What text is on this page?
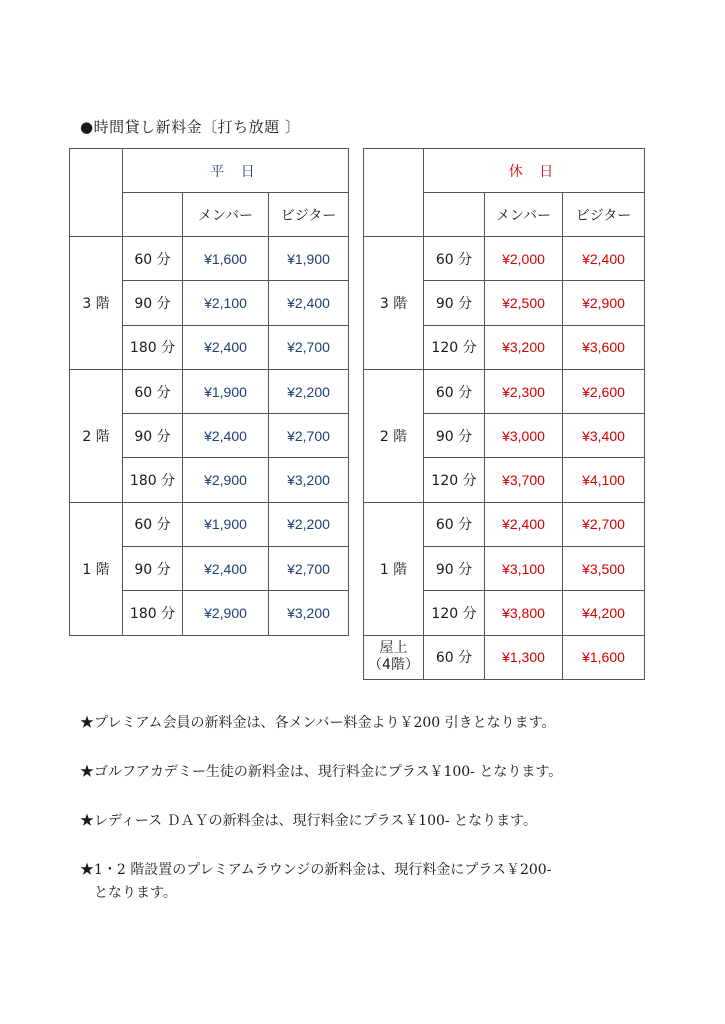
●時間貸し新料金〔打ち放題 〕
	平 日		
		メンバー	ビジター
3 階	60 分	¥1,600	¥1,900
	90 分	¥2,100	¥2,400
	180 分	¥2,400	¥2,700
2 階	60 分	¥1,900	¥2,200
	90 分	¥2,400	¥2,700
	180 分	¥2,900	¥3,200
1 階	60 分	¥1,900	¥2,200
	90 分	¥2,400	¥2,700
	180 分	¥2,900	¥3,200
	休 日		
		メンバー	ビジター
3 階	60 分	¥2,000	¥2,400
	90 分	¥2,500	¥2,900
	120 分	¥3,200	¥3,600
2 階	60 分	¥2,300	¥2,600
	90 分	¥3,000	¥3,400
	120 分	¥3,700	¥4,100
1 階	60 分	¥2,400	¥2,700
	90 分	¥3,100	¥3,500
	120 分	¥3,800	¥4,200
屋上
（4階）	60 分	¥1,300	¥1,600
★プレミアム会員の新料金は、各メンバー料金より￥200 引きとなります。
★ゴルフアカデミー生徒の新料金は、現行料金にプラス￥100- となります。
★レディース ＤＡＹの新料金は、現行料金にプラス￥100- となります。
★1・2 階設置のプレミアムラウンジの新料金は、現行料金にプラス￥200-
となります。
